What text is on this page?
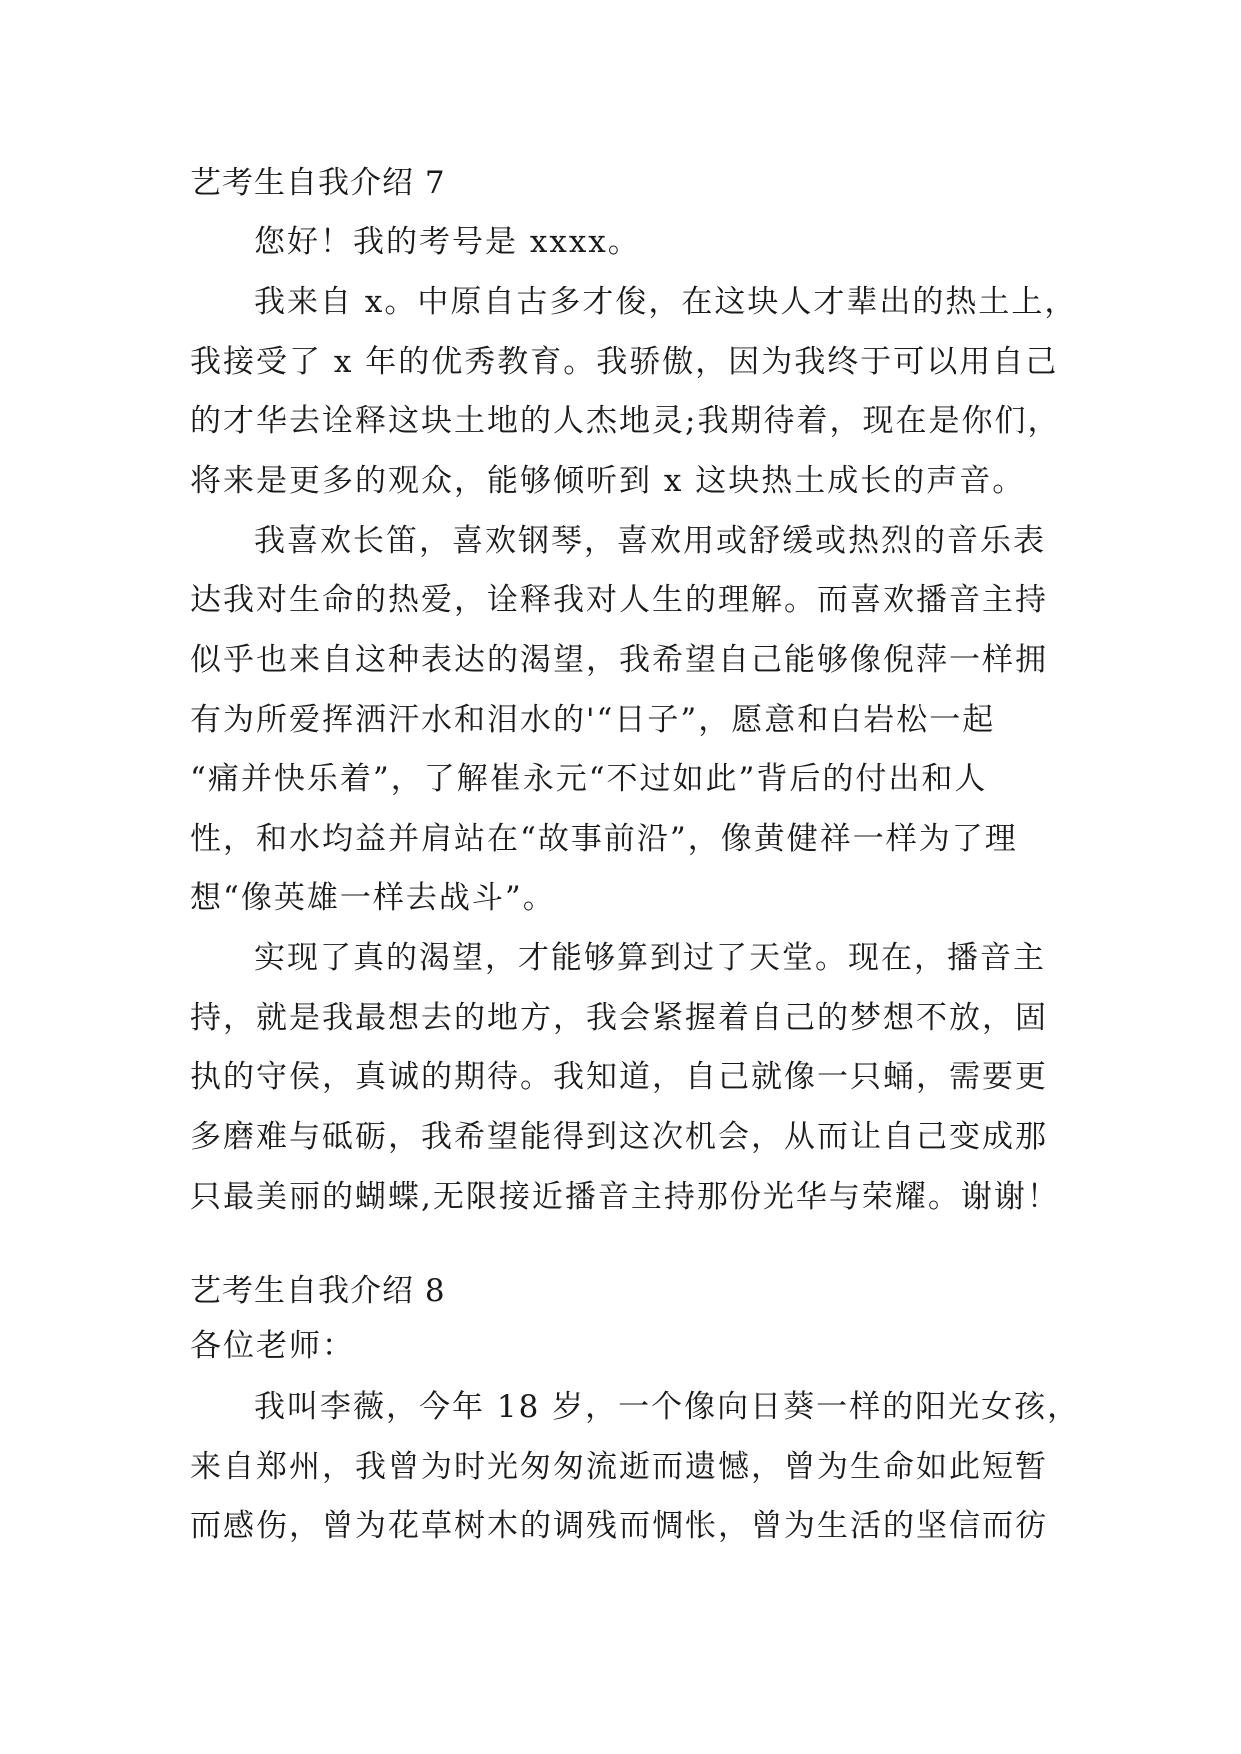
艺考生自我介绍 7
您好！我的考号是 xxxx。
我来自 x。中原自古多才俊，在这块人才辈出的热土上，
我接受了 x 年的优秀教育。我骄傲，因为我终于可以用自己
的才华去诠释这块土地的人杰地灵;我期待着，现在是你们，
将来是更多的观众，能够倾听到 x 这块热土成长的声音。
我喜欢长笛，喜欢钢琴，喜欢用或舒缓或热烈的音乐表
达我对生命的热爱，诠释我对人生的理解。而喜欢播音主持
似乎也来自这种表达的渴望，我希望自己能够像倪萍一样拥
有为所爱挥洒汗水和泪水的'“日子”，愿意和白岩松一起
“痛并快乐着”，了解崔永元“不过如此”背后的付出和人
性，和水均益并肩站在“故事前沿”，像黄健祥一样为了理
想“像英雄一样去战斗”。
实现了真的渴望，才能够算到过了天堂。现在，播音主
持，就是我最想去的地方，我会紧握着自己的梦想不放，固
执的守侯，真诚的期待。我知道，自己就像一只蛹，需要更
多磨难与砥砺，我希望能得到这次机会，从而让自己变成那
只最美丽的蝴蝶,无限接近播音主持那份光华与荣耀。谢谢！
艺考生自我介绍 8
各位老师：
我叫李薇，今年 18 岁，一个像向日葵一样的阳光女孩，
来自郑州，我曾为时光匆匆流逝而遗憾，曾为生命如此短暂
而感伤，曾为花草树木的调残而惆怅，曾为生活的坚信而彷
